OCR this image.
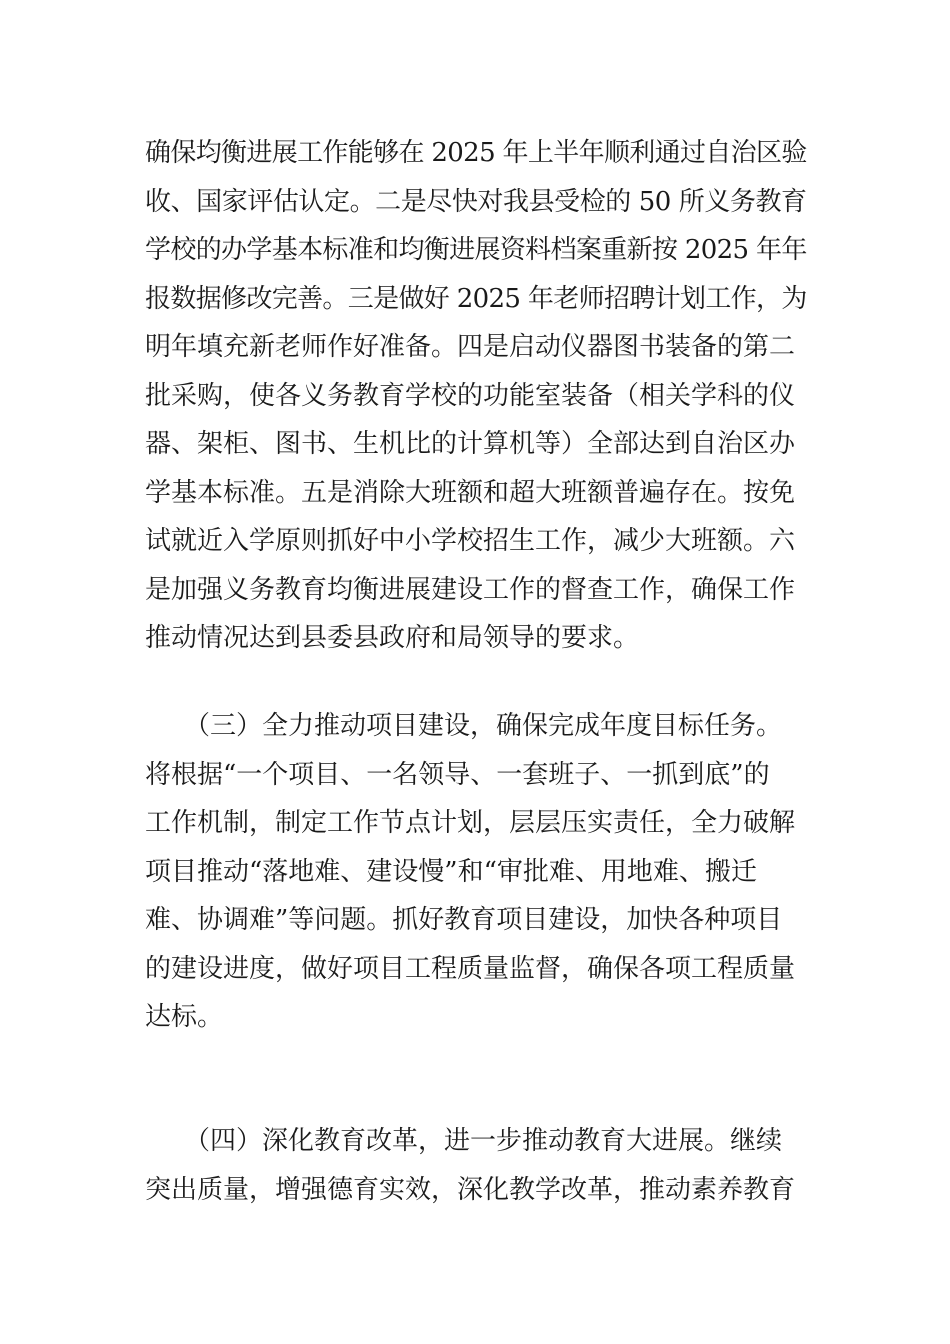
确保均衡进展工作能够在 2025 年上半年顺利通过自治区验
收、国家评估认定。二是尽快对我县受检的 50 所义务教育
学校的办学基本标准和均衡进展资料档案重新按 2025 年年
报数据修改完善。三是做好 2025 年老师招聘计划工作，为
明年填充新老师作好准备。四是启动仪器图书装备的第二
批采购，使各义务教育学校的功能室装备（相关学科的仪
器、架柜、图书、生机比的计算机等）全部达到自治区办
学基本标准。五是消除大班额和超大班额普遍存在。按免
试就近入学原则抓好中小学校招生工作，减少大班额。六
是加强义务教育均衡进展建设工作的督查工作，确保工作
推动情况达到县委县政府和局领导的要求。
　　（三）全力推动项目建设，确保完成年度目标任务。
将根据“一个项目、一名领导、一套班子、一抓到底”的
工作机制，制定工作节点计划，层层压实责任，全力破解
项目推动“落地难、建设慢”和“审批难、用地难、搬迁
难、协调难”等问题。抓好教育项目建设，加快各种项目
的建设进度，做好项目工程质量监督，确保各项工程质量
达标。
　　（四）深化教育改革，进一步推动教育大进展。继续
突出质量，增强德育实效，深化教学改革，推动素养教育
